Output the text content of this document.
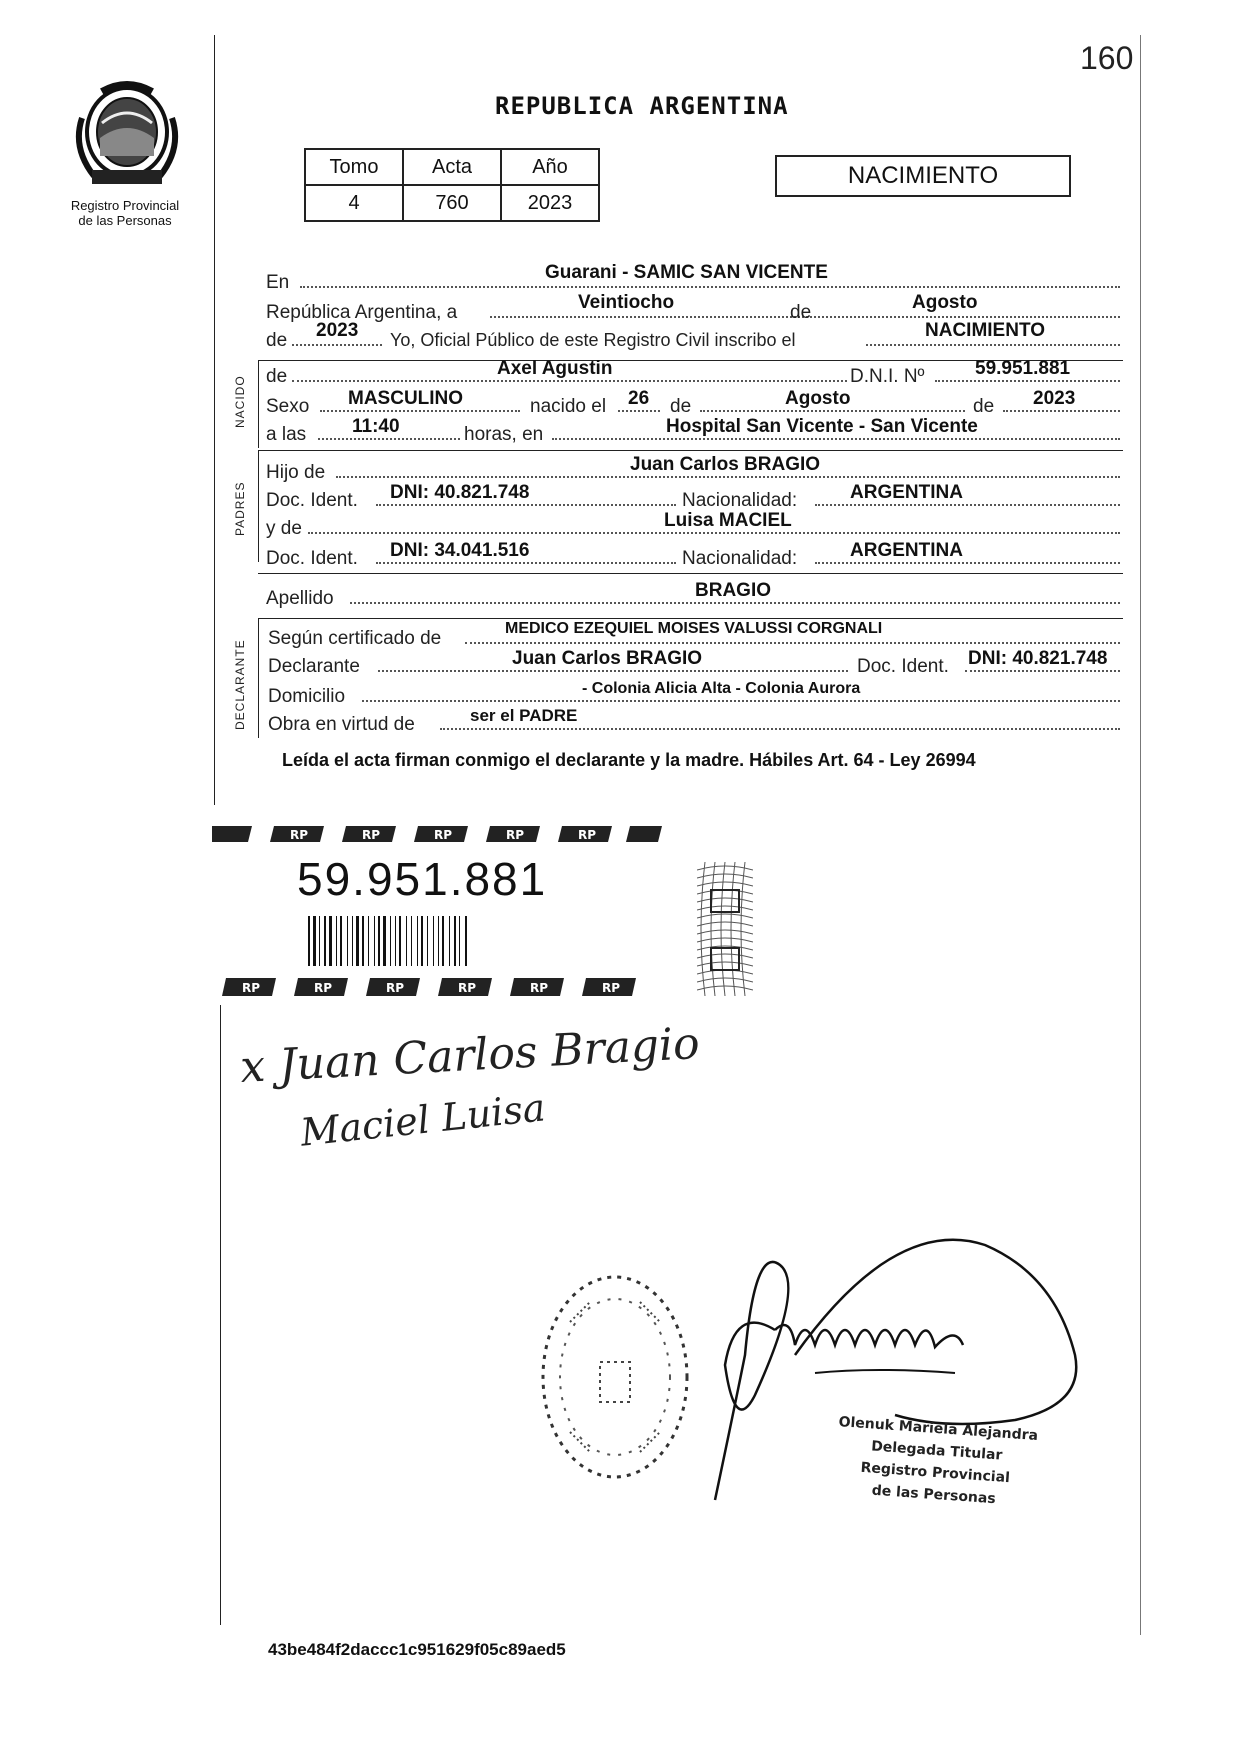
160
Registro Provincial
de las Personas
REPUBLICA ARGENTINA
Tomo	Acta	Año
4	760	2023
NACIMIENTO
En	Guarani - SAMIC SAN VICENTE
República Argentina, a	Veintiocho	de	Agosto
de 2023 Yo, Oficial Público de este Registro Civil inscribo el	NACIMIENTO
NACIDO de	Axel Agustin	D.N.I. Nº	59.951.881
Sexo MASCULINO	nacido el 26 de	Agosto	de 2023
a las 11:40	horas, en	Hospital San Vicente - San Vicente
PADRES
Hijo de	Juan Carlos BRAGIO
Doc. Ident. DNI: 40.821.748	Nacionalidad:	ARGENTINA
y de	Luisa MACIEL
Doc. Ident. DNI: 34.041.516	Nacionalidad:	ARGENTINA
Apellido	BRAGIO
DECLARANTE
Según certificado de	MEDICO EZEQUIEL MOISES VALUSSI CORGNALI
Declarante	Juan Carlos BRAGIO	Doc. Ident. DNI: 40.821.748
Domicilio	- Colonia Alicia Alta - Colonia Aurora
Obra en virtud de	ser el PADRE
Leída el acta firman conmigo el declarante y la madre. Hábiles Art. 64 - Ley 26994
RP	RP	RP	RP	RP
59.951.881
RP	RP	RP	RP	RP	RP
x Juan Carlos Bragio
Maciel Luisa
Olenuk Mariela Alejandra
Delegada Titular
Registro Provincial
de las Personas
43be484f2daccc1c951629f05c89aed5
